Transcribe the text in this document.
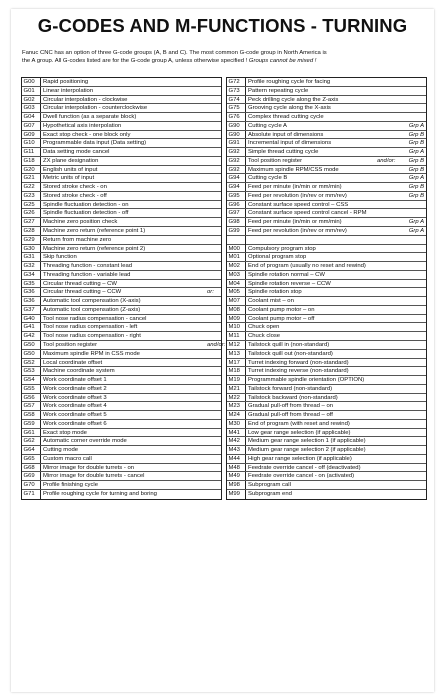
G-CODES AND M-FUNCTIONS - TURNING
Fanuc CNC has an option of three G-code groups (A, B and C). The most common G-code group in North America is
the A group. All G-codes listed are for the G-code group A, unless otherwise specified ! Groups cannot be mixed !
G00	Rapid positioning
G01	Linear interpolation
G02	Circular interpolation - clockwise
G03	Circular interpolation - counterclockwise
G04	Dwell function (as a separate block)
G07	Hypothetical axis interpolation
G09	Exact stop check - one block only
G10	Programmable data input (Data setting)
G11	Data setting mode cancel
G18	ZX plane designation
G20	English units of input
G21	Metric units of input
G22	Stored stroke check - on
G23	Stored stroke check - off
G25	Spindle fluctuation detection - on
G26	Spindle fluctuation detection - off
G27	Machine zero position check
G28	Machine zero return (reference point 1)
G29	Return from machine zero
G30	Machine zero return (reference point 2)
G31	Skip function
G32	Threading function - constant lead
G34	Threading function - variable lead
G35	Circular thread cutting – CW
G36	Circular thread cutting – CCW	or:
G36	Automatic tool compensation (X-axis)
G37	Automatic tool compensation (Z-axis)
G40	Tool nose radius compensation - cancel
G41	Tool nose radius compensation - left
G42	Tool nose radius compensation - right
G50	Tool position register	and/or:
G50	Maximum spindle RPM in CSS mode
G52	Local coordinate offset
G53	Machine coordinate system
G54	Work coordinate offset 1
G55	Work coordinate offset 2
G56	Work coordinate offset 3
G57	Work coordinate offset 4
G58	Work coordinate offset 5
G59	Work coordinate offset 6
G61	Exact stop mode
G62	Automatic corner override mode
G64	Cutting mode
G65	Custom macro call
G68	Mirror image for double turrets - on
G69	Mirror image for double turrets - cancel
G70	Profile finishing cycle
G71	Profile roughing cycle for turning and boring
G72	Profile roughing cycle for facing
G73	Pattern repeating cycle
G74	Peck drilling cycle along the Z-axis
G75	Grooving cycle along the X-axis
G76	Complex thread cutting cycle
G90	Cutting cycle A	Grp A
G90	Absolute input of dimensions	Grp B
G91	Incremental input of dimensions	Grp B
G92	Simple thread cutting cycle	Grp A
G92	Tool position register	and/or: Grp B
G92	Maximum spindle RPM/CSS mode	Grp B
G94	Cutting cycle B	Grp A
G94	Feed per minute (in/min or mm/min)	Grp B
G95	Feed per revolution (in/rev or mm/rev)	Grp B
G96	Constant surface speed control – CSS
G97	Constant surface speed control cancel - RPM
G98	Feed per minute (in/min or mm/min)	Grp A
G99	Feed per revolution (in/rev or mm/rev)	Grp A
M00	Compulsory program stop
M01	Optional program stop
M02	End of program (usually no reset and rewind)
M03	Spindle rotation normal – CW
M04	Spindle rotation reverse – CCW
M05	Spindle rotation stop
M07	Coolant mist – on
M08	Coolant pump motor – on
M09	Coolant pump motor – off
M10	Chuck open
M11	Chuck close
M12	Tailstock quill in (non-standard)
M13	Tailstock quill out (non-standard)
M17	Turret indexing forward (non-standard)
M18	Turret indexing reverse (non-standard)
M19	Programmable spindle orientation (OPTION)
M21	Tailstock forward (non-standard)
M22	Tailstock backward (non-standard)
M23	Gradual pull-off from thread – on
M24	Gradual pull-off from thread – off
M30	End of program (with reset and rewind)
M41	Low gear range selection (if applicable)
M42	Medium gear range selection 1 (if applicable)
M43	Medium gear range selection 2 (if applicable)
M44	High gear range selection (if applicable)
M48	Feedrate override cancel - off (deactivated)
M49	Feedrate override cancel - on (activated)
M98	Subprogram call
M99	Subprogram end
